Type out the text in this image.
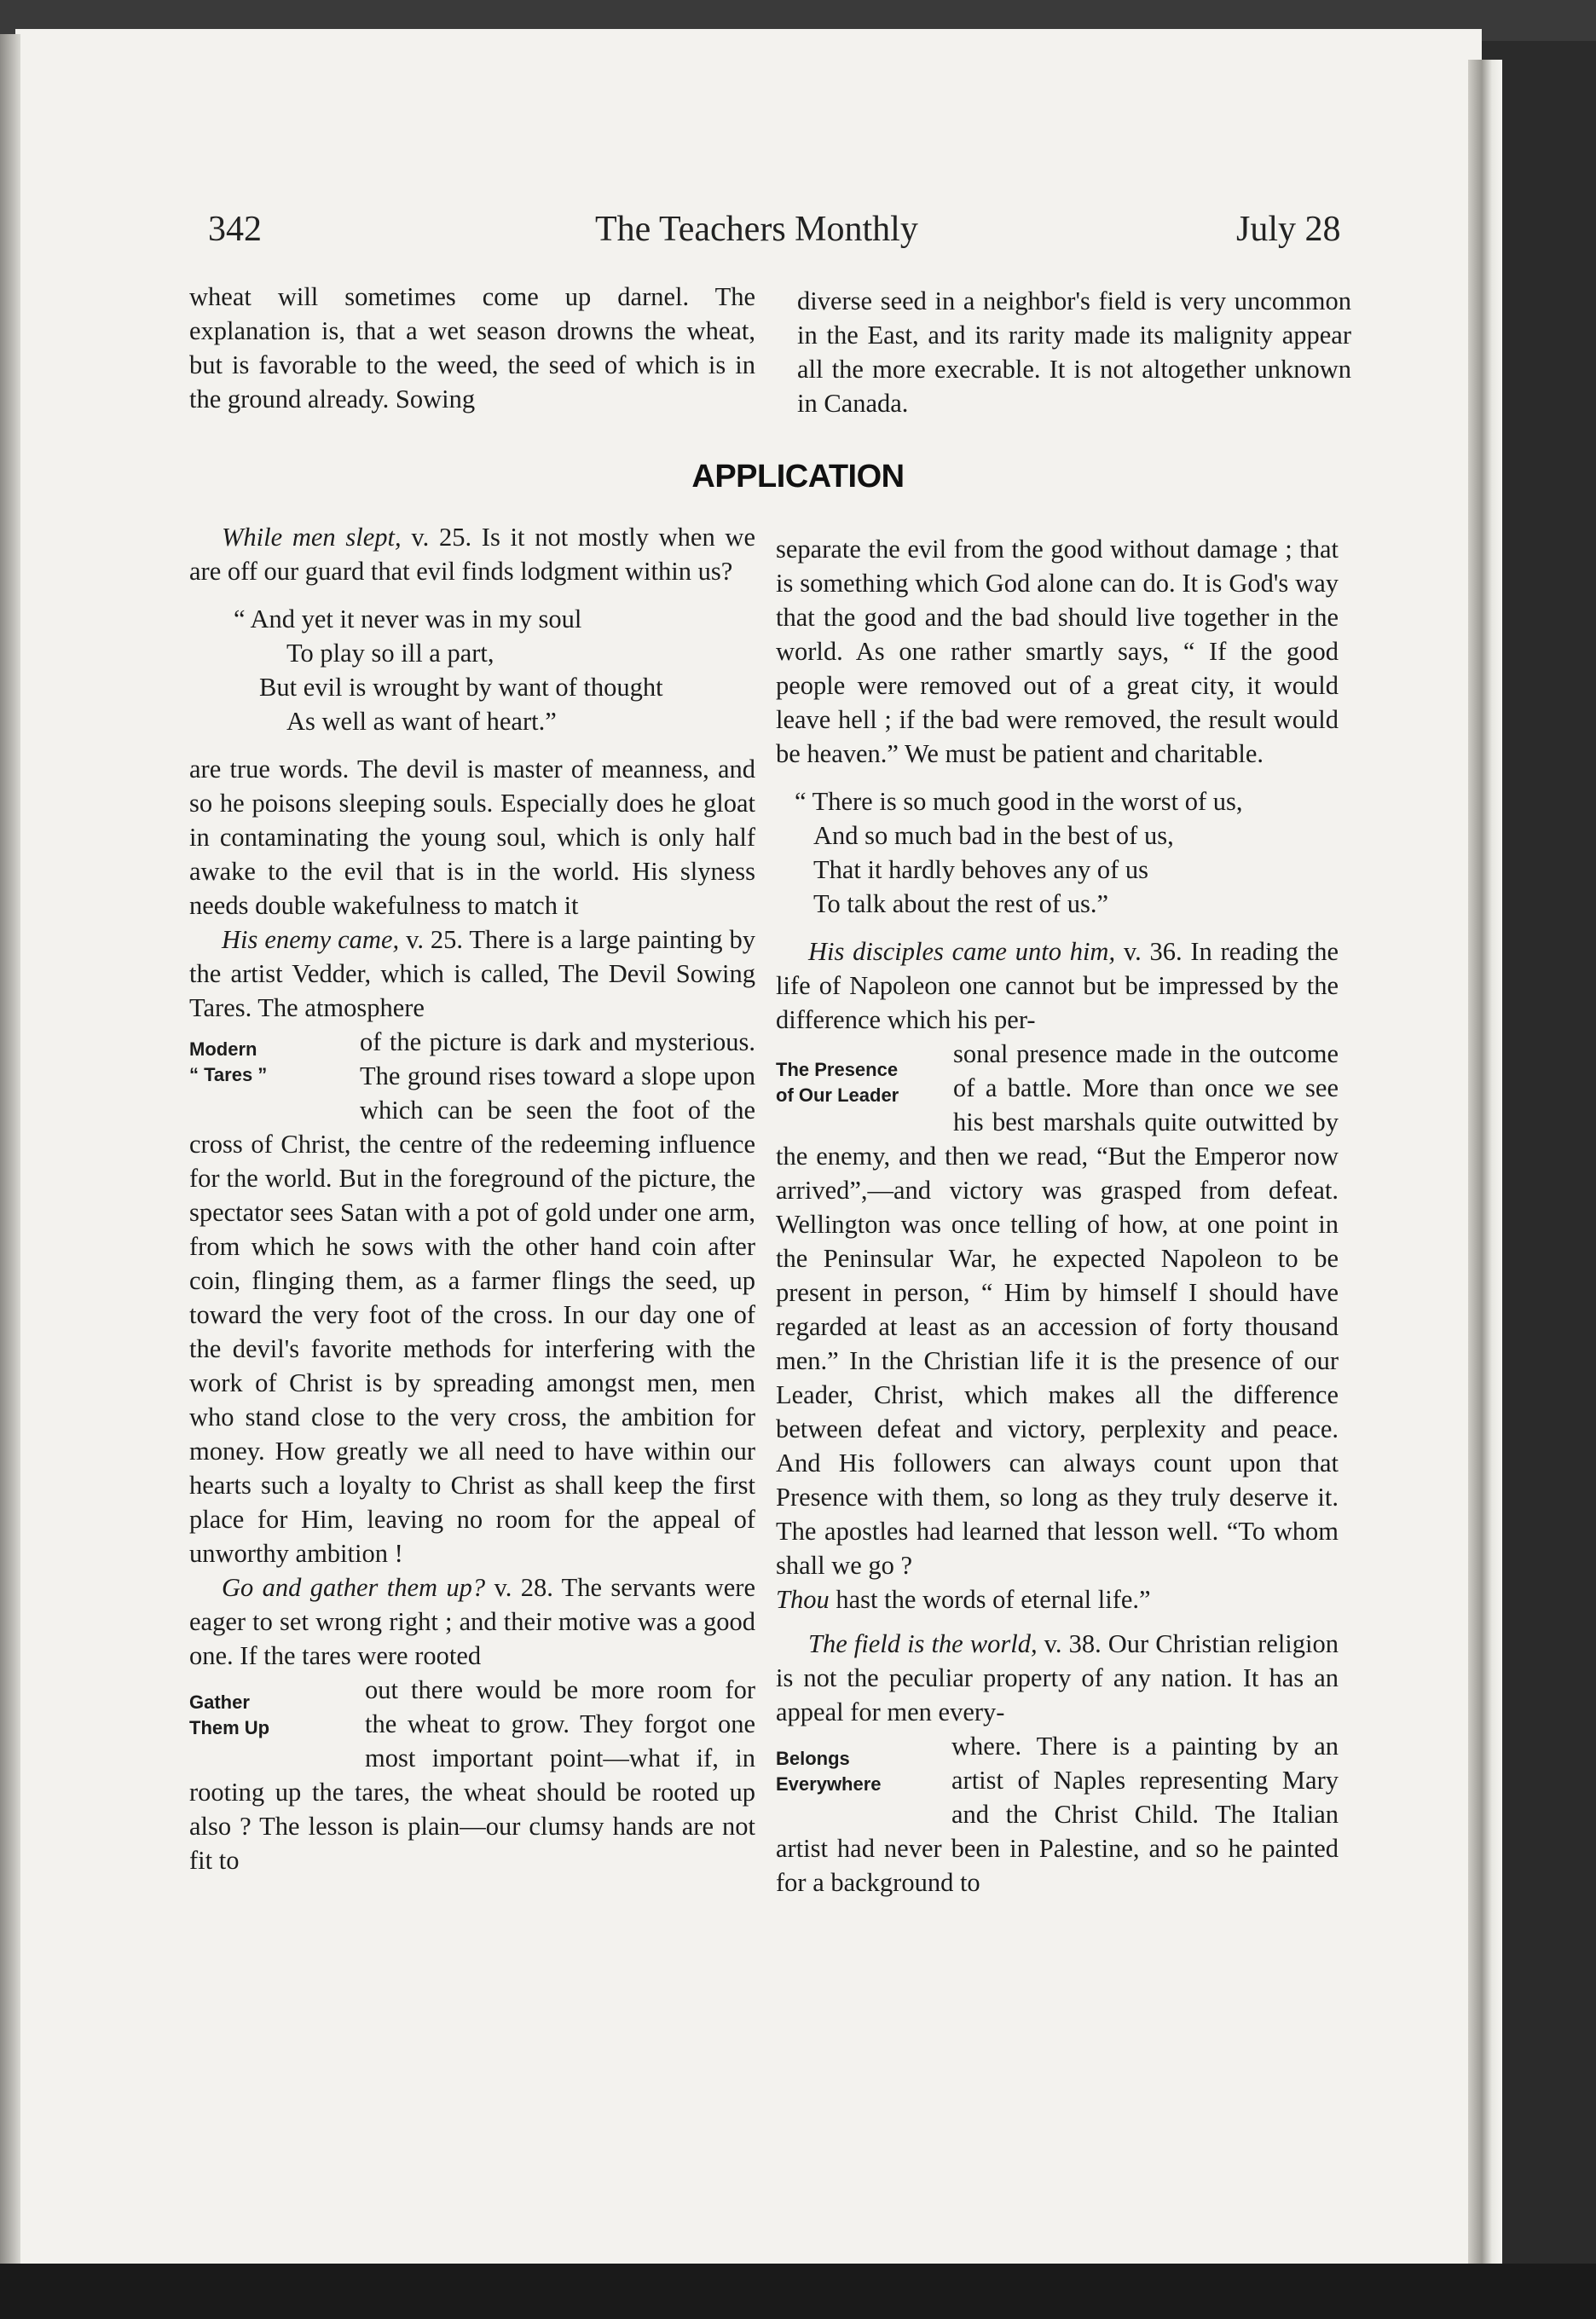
342	The Teachers Monthly	July 28

wheat will sometimes come up darnel. The explanation is, that a wet season drowns the wheat, but is favorable to the weed, the seed of which is in the ground already. Sowing

diverse seed in a neighbor's field is very uncommon in the East, and its rarity made its malignity appear all the more execrable. It is not altogether unknown in Canada.

APPLICATION

While men slept, v. 25. Is it not mostly when we are off our guard that evil finds lodgment within us?

“ And yet it never was in my soul
To play so ill a part,
But evil is wrought by want of thought
As well as want of heart.”

are true words. The devil is master of meanness, and so he poisons sleeping souls. Especially does he gloat in contaminating the young soul, which is only half awake to the evil that is in the world. His slyness needs double wakefulness to match it

His enemy came, v. 25. There is a large painting by the artist Vedder, which is called, The Devil Sowing Tares. The atmosphere

Modern
“ Tares ”
of the picture is dark and mysterious. The ground rises toward a slope upon which can be seen the foot of the cross of Christ, the centre of the redeeming influence for the world. But in the foreground of the picture, the spectator sees Satan with a pot of gold under one arm, from which he sows with the other hand coin after coin, flinging them, as a farmer flings the seed, up toward the very foot of the cross. In our day one of the devil's favorite methods for interfering with the work of Christ is by spreading amongst men, men who stand close to the very cross, the ambition for money. How greatly we all need to have within our hearts such a loyalty to Christ as shall keep the first place for Him, leaving no room for the appeal of unworthy ambition !

Go and gather them up? v. 28. The servants were eager to set wrong right ; and their motive was a good one. If the tares were rooted

Gather
Them Up
out there would be more room for the wheat to grow. They forgot one most important point—what if, in rooting up the tares, the wheat should be rooted up also ? The lesson is plain—our clumsy hands are not fit to

separate the evil from the good without damage ; that is something which God alone can do. It is God's way that the good and the bad should live together in the world. As one rather smartly says, “ If the good people were removed out of a great city, it would leave hell ; if the bad were removed, the result would be heaven.” We must be patient and charitable.

“ There is so much good in the worst of us,
And so much bad in the best of us,
That it hardly behoves any of us
To talk about the rest of us.”

His disciples came unto him, v. 36. In reading the life of Napoleon one cannot but be impressed by the difference which his per-

The Presence
of Our Leader
sonal presence made in the outcome of a battle. More than once we see his best marshals quite outwitted by the enemy, and then we read, “But the Emperor now arrived”,—and victory was grasped from defeat. Wellington was once telling of how, at one point in the Peninsular War, he expected Napoleon to be present in person, “ Him by himself I should have regarded at least as an accession of forty thousand men.” In the Christian life it is the presence of our Leader, Christ, which makes all the difference between defeat and victory, perplexity and peace. And His followers can always count upon that Presence with them, so long as they truly deserve it. The apostles had learned that lesson well. “To whom shall we go ?
Thou hast the words of eternal life.”

The field is the world, v. 38. Our Christian religion is not the peculiar property of any nation. It has an appeal for men every-

Belongs
Everywhere
where. There is a painting by an artist of Naples representing Mary and the Christ Child. The Italian artist had never been in Palestine, and so he painted for a background to
